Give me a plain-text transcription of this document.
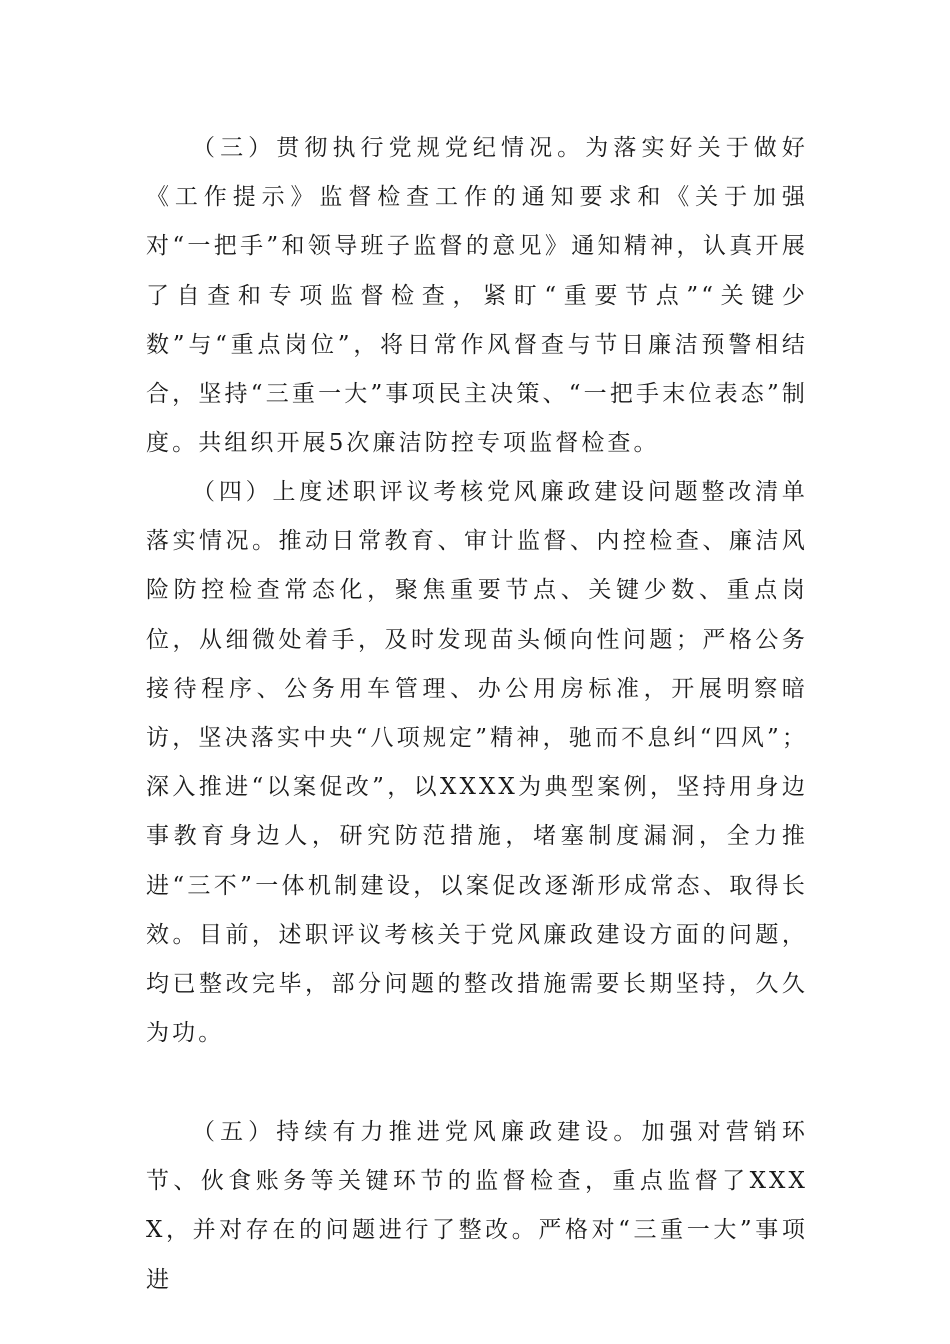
（三）贯彻执行党规党纪情况。为落实好关于做好《工作提示》监督检查工作的通知要求和《关于加强对“一把手”和领导班子监督的意见》通知精神，认真开展了自查和专项监督检查，紧盯“重要节点”“关键少数”与“重点岗位”，将日常作风督查与节日廉洁预警相结合，坚持“三重一大”事项民主决策、“一把手末位表态”制度。共组织开展5次廉洁防控专项监督检查。

（四）上度述职评议考核党风廉政建设问题整改清单落实情况。推动日常教育、审计监督、内控检查、廉洁风险防控检查常态化，聚焦重要节点、关键少数、重点岗位，从细微处着手，及时发现苗头倾向性问题；严格公务接待程序、公务用车管理、办公用房标准，开展明察暗访，坚决落实中央“八项规定”精神，驰而不息纠“四风”；深入推进“以案促改”，以XXXX为典型案例，坚持用身边事教育身边人，研究防范措施，堵塞制度漏洞，全力推进“三不”一体机制建设，以案促改逐渐形成常态、取得长效。目前，述职评议考核关于党风廉政建设方面的问题，均已整改完毕，部分问题的整改措施需要长期坚持，久久为功。

（五）持续有力推进党风廉政建设。加强对营销环节、伙食账务等关键环节的监督检查，重点监督了XXXX，并对存在的问题进行了整改。严格对“三重一大”事项进
